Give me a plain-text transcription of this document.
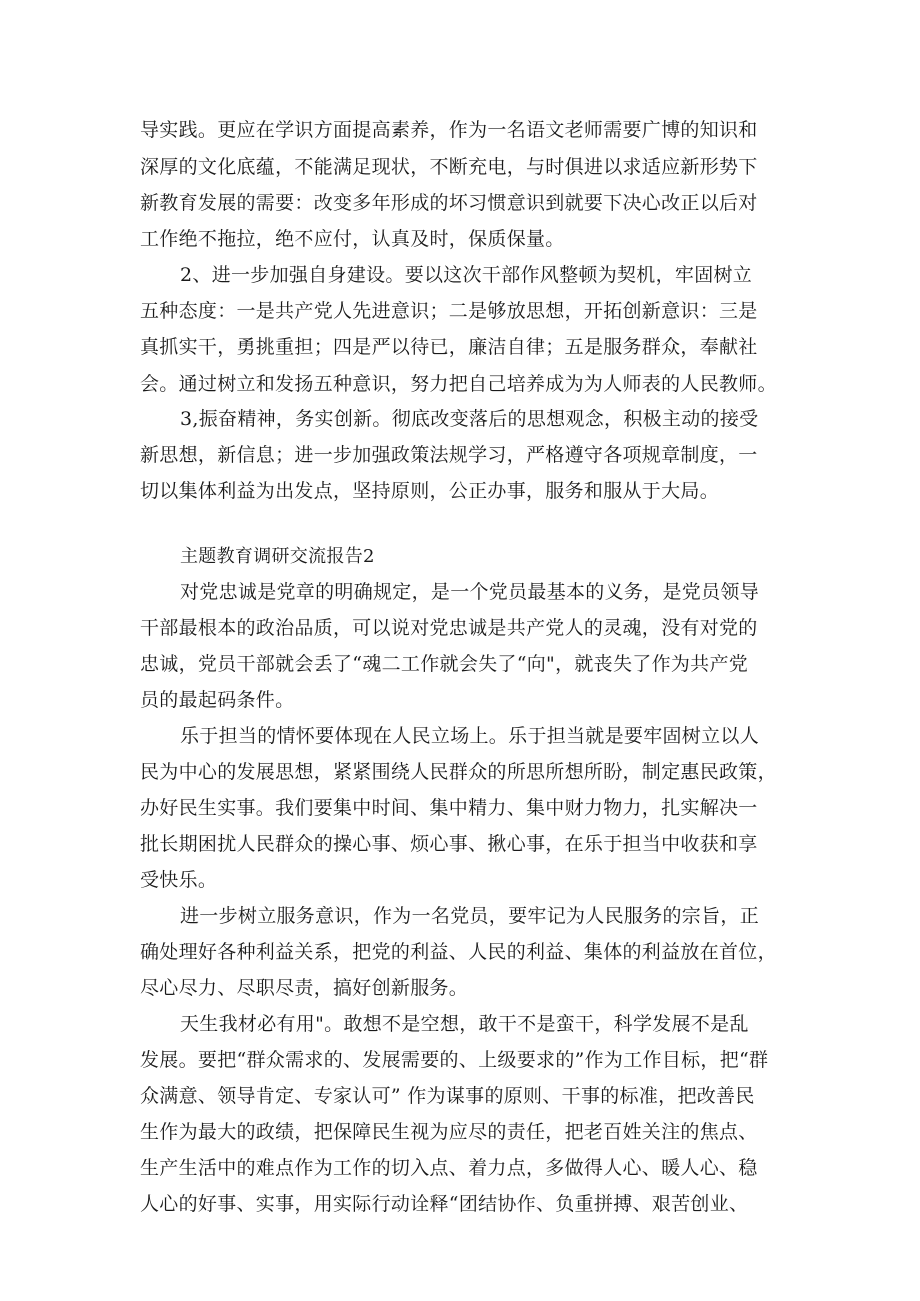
导实践。更应在学识方面提高素养，作为一名语文老师需要广博的知识和
深厚的文化底蕴，不能满足现状，不断充电，与时俱进以求适应新形势下
新教育发展的需要：改变多年形成的坏习惯意识到就要下决心改正以后对
工作绝不拖拉，绝不应付，认真及时，保质保量。
2、进一步加强自身建设。要以这次干部作风整顿为契机，牢固树立
五种态度：一是共产党人先进意识；二是够放思想，开拓创新意识：三是
真抓实干，勇挑重担；四是严以待已，廉洁自律；五是服务群众，奉献社
会。通过树立和发扬五种意识，努力把自己培养成为为人师表的人民教师。
3,振奋精神，务实创新。彻底改变落后的思想观念，积极主动的接受
新思想，新信息；进一步加强政策法规学习，严格遵守各项规章制度，一
切以集体利益为出发点，坚持原则，公正办事，服务和服从于大局。
主题教育调研交流报告2
对党忠诚是党章的明确规定，是一个党员最基本的义务，是党员领导
干部最根本的政治品质，可以说对党忠诚是共产党人的灵魂，没有对党的
忠诚，党员干部就会丢了“魂二工作就会失了“向"，就丧失了作为共产党
员的最起码条件。
乐于担当的情怀要体现在人民立场上。乐于担当就是要牢固树立以人
民为中心的发展思想，紧紧围绕人民群众的所思所想所盼，制定惠民政策，
办好民生实事。我们要集中时间、集中精力、集中财力物力，扎实解决一
批长期困扰人民群众的操心事、烦心事、揪心事，在乐于担当中收获和享
受快乐。
进一步树立服务意识，作为一名党员，要牢记为人民服务的宗旨，正
确处理好各种利益关系，把党的利益、人民的利益、集体的利益放在首位，
尽心尽力、尽职尽责，搞好创新服务。
天生我材必有用"。敢想不是空想，敢干不是蛮干，科学发展不是乱
发展。要把“群众需求的、发展需要的、上级要求的”作为工作目标，把“群
众满意、领导肯定、专家认可” 作为谋事的原则、干事的标准，把改善民
生作为最大的政绩，把保障民生视为应尽的责任，把老百姓关注的焦点、
生产生活中的难点作为工作的切入点、着力点，多做得人心、暖人心、稳
人心的好事、实事，用实际行动诠释“团结协作、负重拼搏、艰苦创业、
